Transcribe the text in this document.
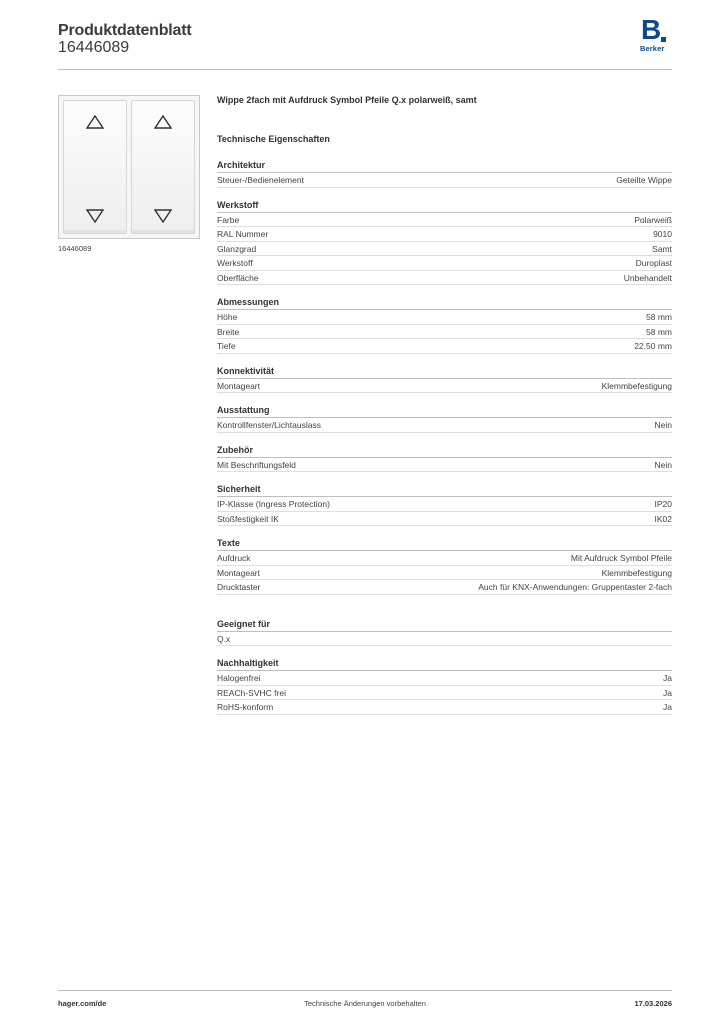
Produktdatenblatt
16446089
B
Berker
16446089
Wippe 2fach mit Aufdruck Symbol Pfeile Q.x polarweiß, samt
Technische Eigenschaften
Architektur
Steuer-/Bedienelement	Geteilte Wippe
Werkstoff
Farbe	Polarweiß
RAL Nummer	9010
Glanzgrad	Samt
Werkstoff	Duroplast
Oberfläche	Unbehandelt
Abmessungen
Höhe	58 mm
Breite	58 mm
Tiefe	22,50 mm
Konnektivität
Montageart	Klemmbefestigung
Ausstattung
Kontrollfenster/Lichtauslass	Nein
Zubehör
Mit Beschriftungsfeld	Nein
Sicherheit
IP-Klasse (Ingress Protection)	IP20
Stoßfestigkeit IK	IK02
Texte
Aufdruck	Mit Aufdruck Symbol Pfeile
Montageart	Klemmbefestigung
Drucktaster	Auch für KNX-Anwendungen: Gruppentaster 2-fach
Geeignet für
Q.x
Nachhaltigkeit
Halogenfrei	Ja
REACh-SVHC frei	Ja
RoHS-konform	Ja
hager.com/de	Technische Änderungen vorbehalten	17.03.2026
